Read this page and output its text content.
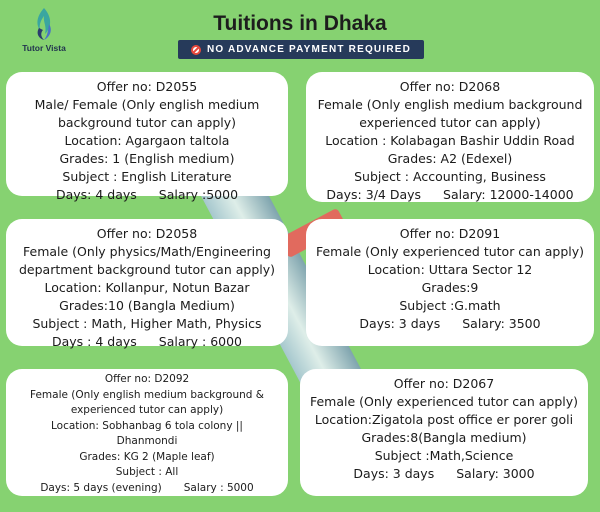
Tutor Vista
Tuitions in Dhaka
NO ADVANCE PAYMENT REQUIRED
Offer no: D2055
Male/ Female (Only english medium
background tutor can apply)
Location: Agargaon taltola
Grades: 1 (English medium)
Subject : English Literature
Days: 4 days Salary :5000
Offer no: D2068
Female (Only english medium background
experienced tutor can apply)
Location : Kolabagan Bashir Uddin Road
Grades: A2 (Edexel)
Subject : Accounting, Business
Days: 3/4 Days Salary: 12000-14000
Offer no: D2058
Female (Only physics/Math/Engineering
department background tutor can apply)
Location: Kollanpur, Notun Bazar
Grades:10 (Bangla Medium)
Subject : Math, Higher Math, Physics
Days : 4 days Salary : 6000
Offer no: D2091
Female (Only experienced tutor can apply)
Location: Uttara Sector 12
Grades:9
Subject :G.math
Days: 3 days Salary: 3500
Offer no: D2092
Female (Only english medium background &
experienced tutor can apply)
Location: Sobhanbag 6 tola colony ||
Dhanmondi
Grades: KG 2 (Maple leaf)
Subject : All
Days: 5 days (evening) Salary : 5000
Offer no: D2067
Female (Only experienced tutor can apply)
Location:Zigatola post office er porer goli
Grades:8(Bangla medium)
Subject :Math,Science
Days: 3 days Salary: 3000
